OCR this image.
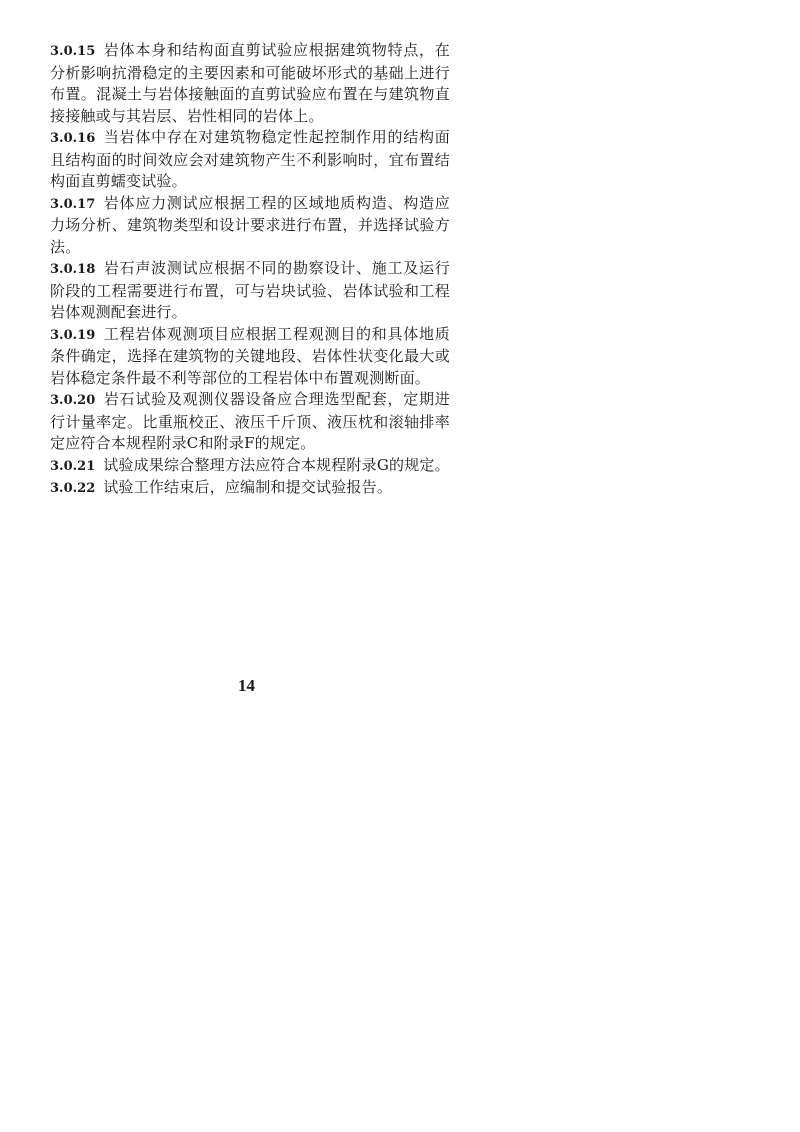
3.0.15 岩体本身和结构面直剪试验应根据建筑物特点，在分析影响抗滑稳定的主要因素和可能破坏形式的基础上进行布置。混凝土与岩体接触面的直剪试验应布置在与建筑物直接接触或与其岩层、岩性相同的岩体上。

3.0.16 当岩体中存在对建筑物稳定性起控制作用的结构面且结构面的时间效应会对建筑物产生不利影响时，宜布置结构面直剪蠕变试验。

3.0.17 岩体应力测试应根据工程的区域地质构造、构造应力场分析、建筑物类型和设计要求进行布置，并选择试验方法。

3.0.18 岩石声波测试应根据不同的勘察设计、施工及运行阶段的工程需要进行布置，可与岩块试验、岩体试验和工程岩体观测配套进行。

3.0.19 工程岩体观测项目应根据工程观测目的和具体地质条件确定，选择在建筑物的关键地段、岩体性状变化最大或岩体稳定条件最不利等部位的工程岩体中布置观测断面。

3.0.20 岩石试验及观测仪器设备应合理选型配套，定期进行计量率定。比重瓶校正、液压千斤顶、液压枕和滚轴排率定应符合本规程附录C和附录F的规定。

3.0.21 试验成果综合整理方法应符合本规程附录G的规定。

3.0.22 试验工作结束后，应编制和提交试验报告。

14
